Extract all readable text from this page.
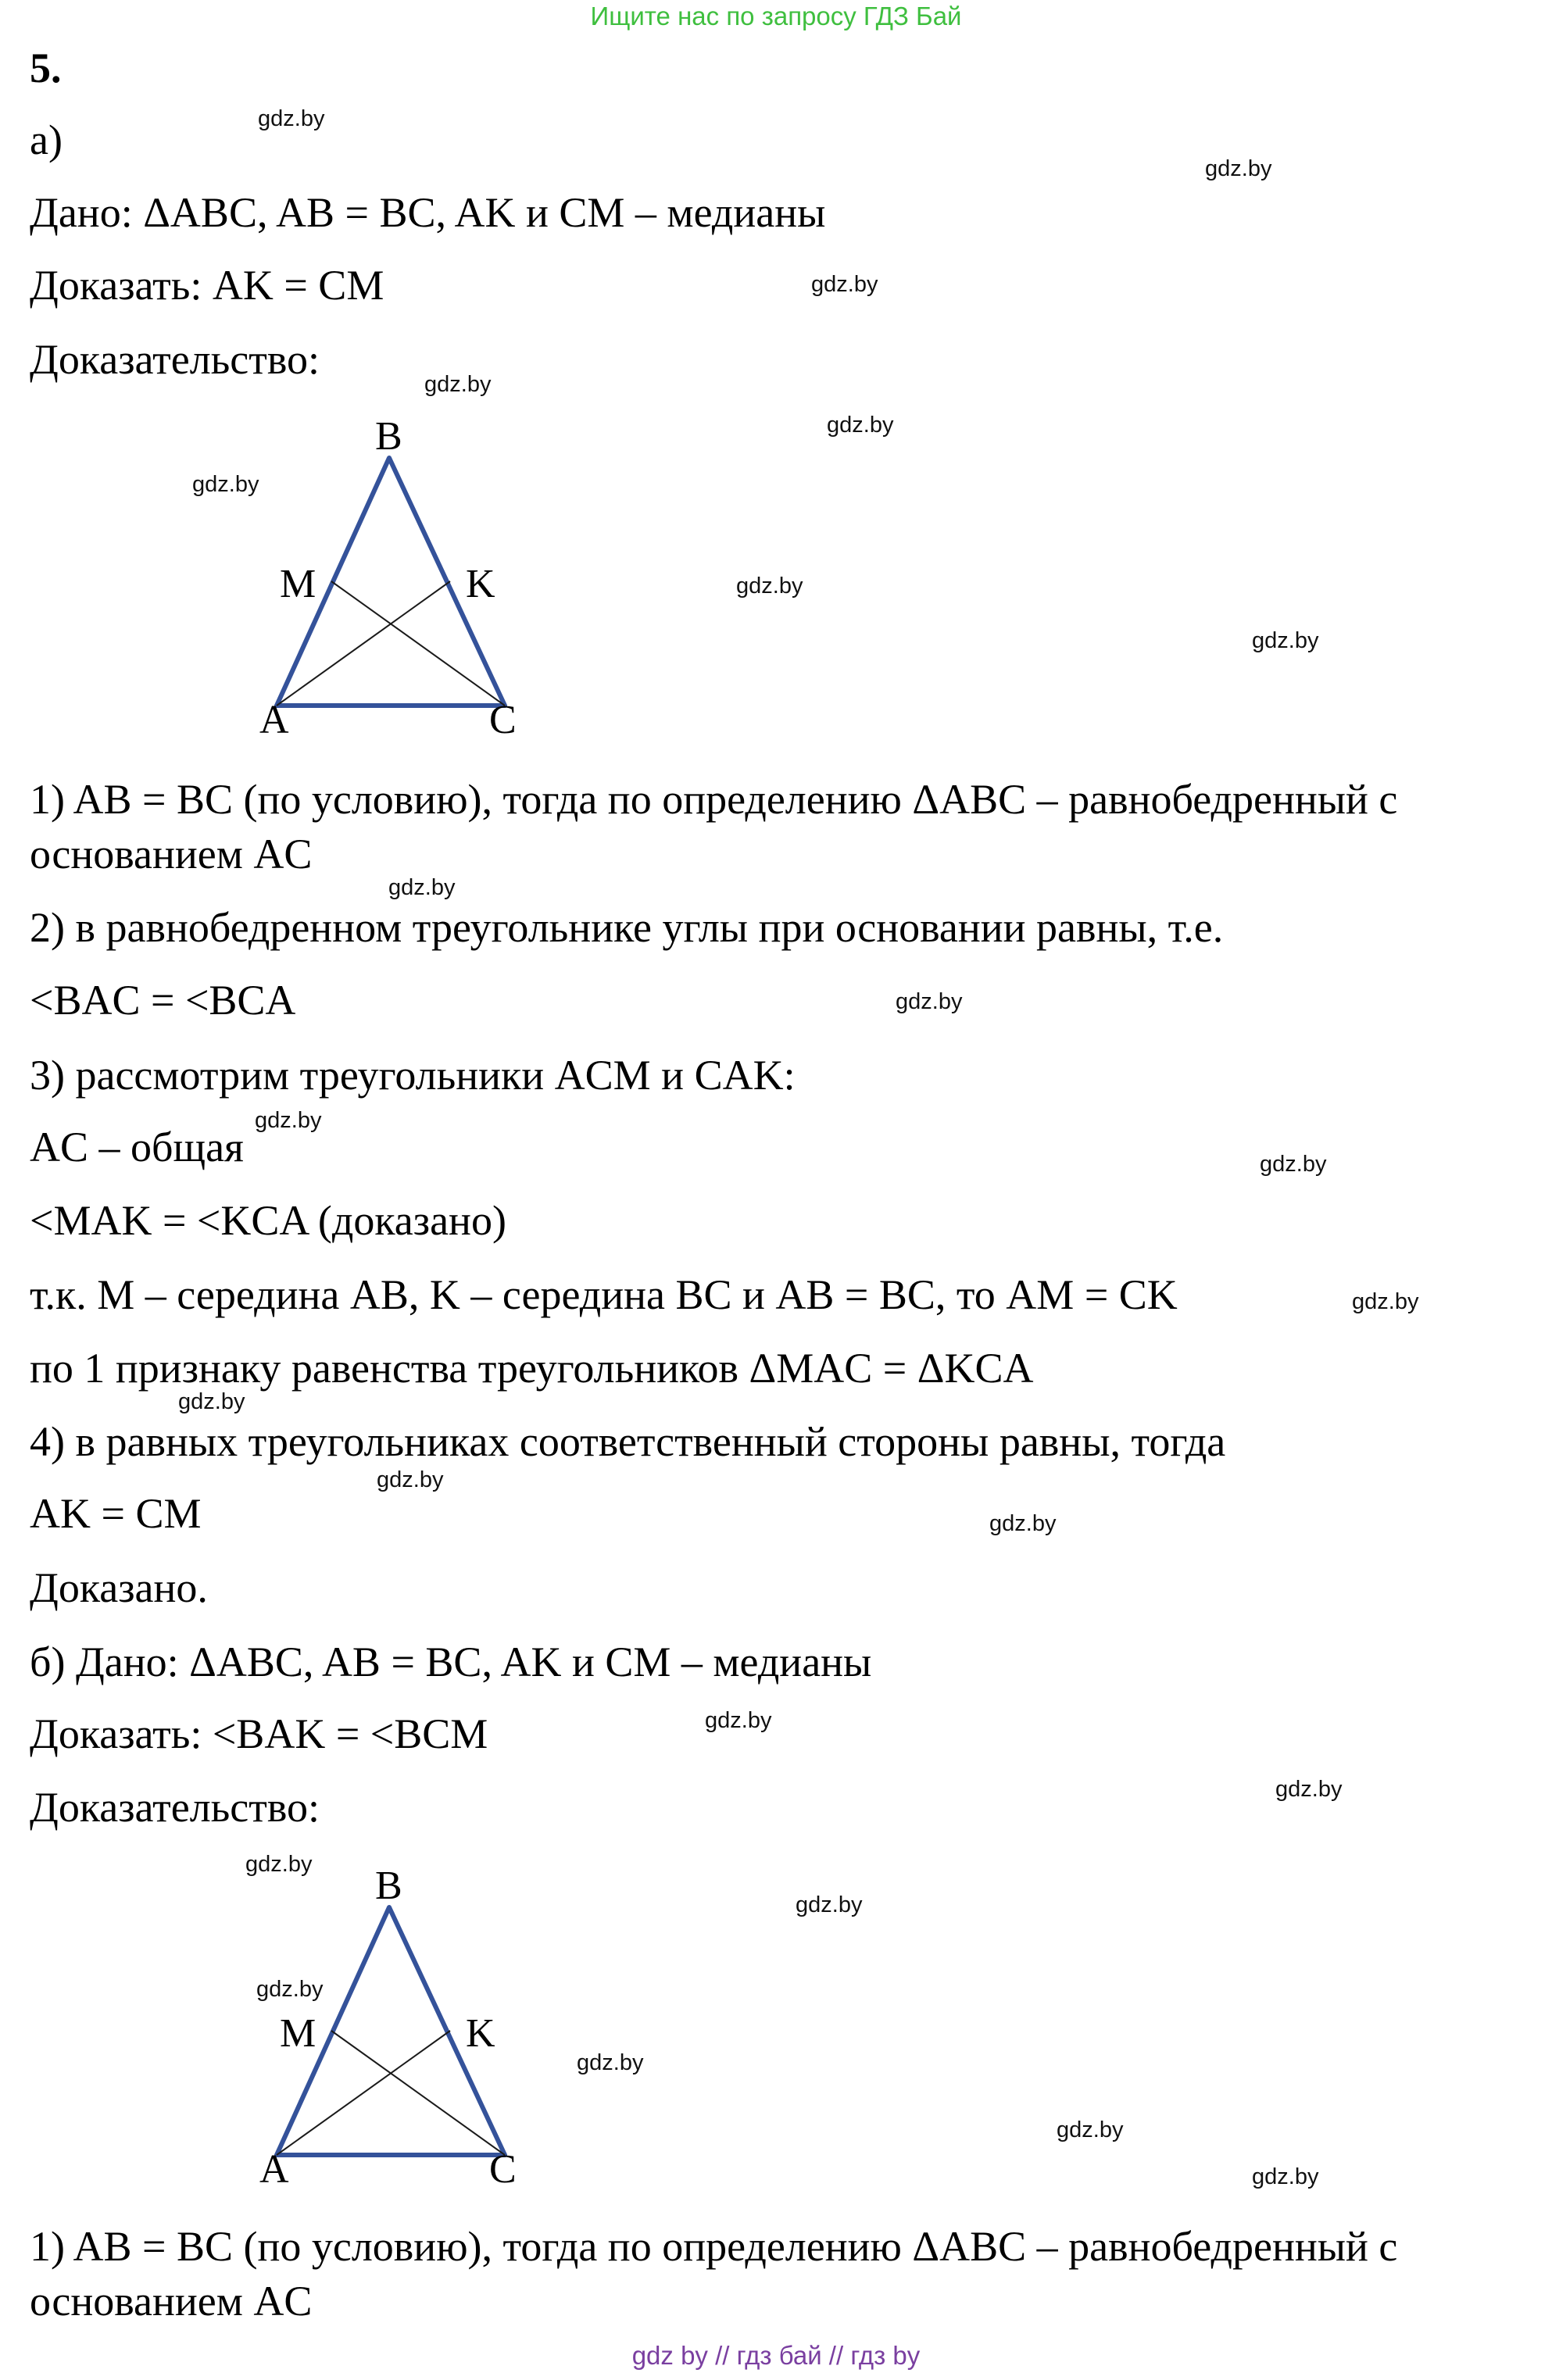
Ищите нас по запросу ГДЗ Бай
5.
а)
Дано: ΔABC, AB = BC, AK и CM – медианы
Доказать: AK = CM
Доказательство:
B
M	K
A	C
1) AB = BC (по условию), тогда по определению ΔABC – равнобедренный с
основанием AC
2) в равнобедренном треугольнике углы при основании равны, т.е.
<BAC = <BCA
3) рассмотрим треугольники ACM и CAK:
AC – общая
<MAK = <KCA (доказано)
т.к. M – середина AB, K – середина BC и AB = BC, то AM = CK
по 1 признаку равенства треугольников ΔMAC = ΔKCA
4) в равных треугольниках соответственный стороны равны, тогда
AK = CM
Доказано.
б) Дано: ΔABC, AB = BC, AK и CM – медианы
Доказать: <BAK = <BCM
Доказательство:
B
M	K
A	C
1) AB = BC (по условию), тогда по определению ΔABC – равнобедренный с
основанием AC
gdz.by
gdz.by
gdz.by
gdz.by
gdz.by
gdz.by
gdz.by
gdz.by
gdz.by
gdz.by
gdz.by
gdz.by
gdz.by
gdz.by
gdz.by
gdz.by
gdz.by
gdz.by
gdz.by
gdz.by
gdz.by
gdz.by
gdz.by
gdz.by
gdz by // гдз бай // гдз by
